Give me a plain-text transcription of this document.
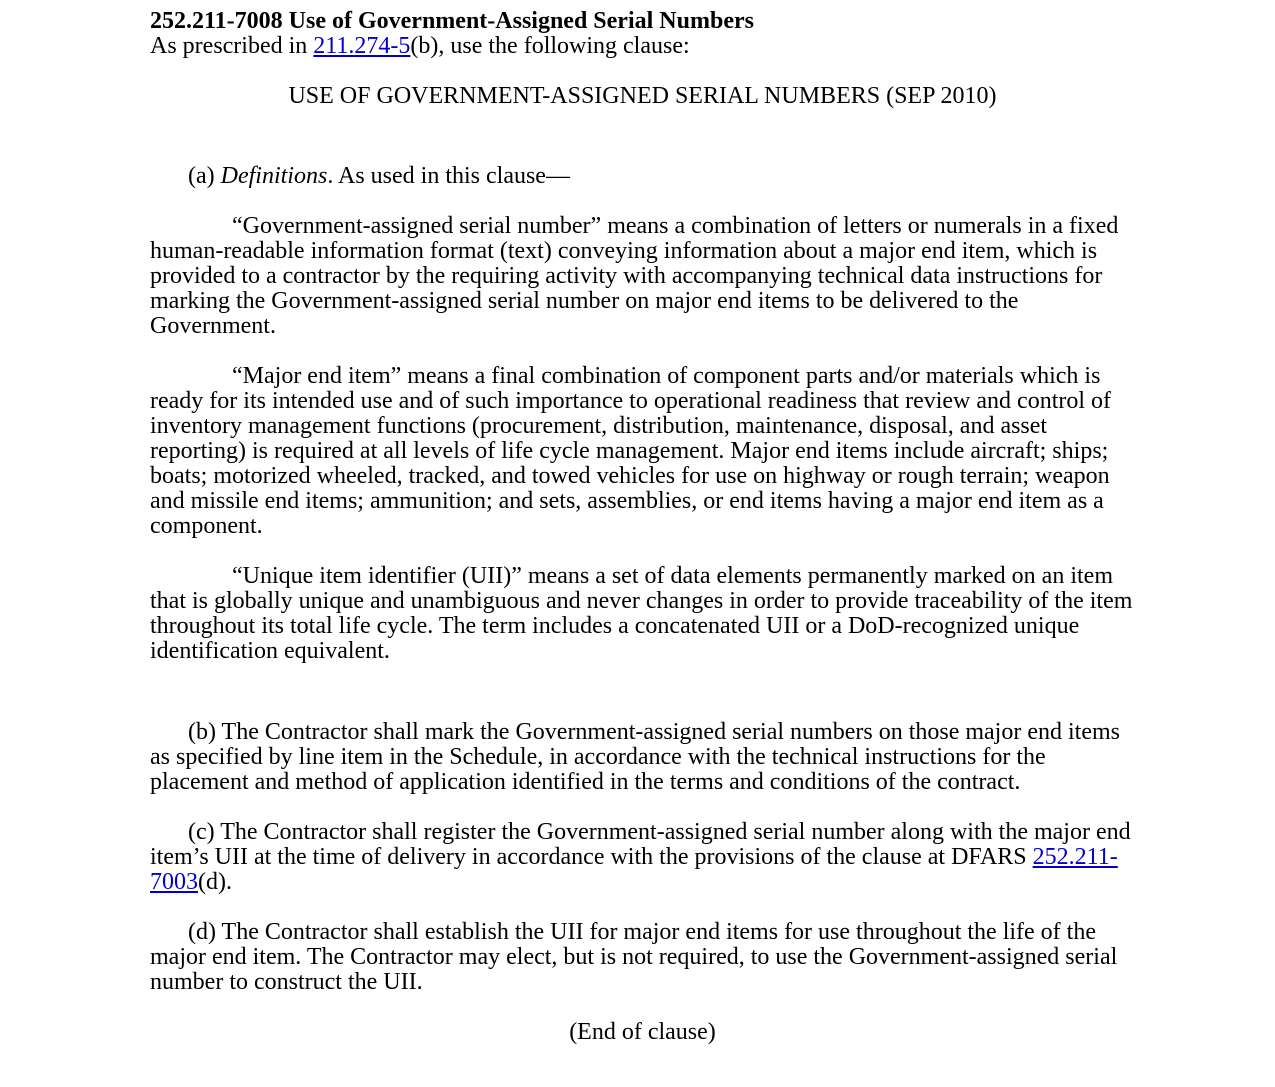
252.211-7008 Use of Government-Assigned Serial Numbers
As prescribed in 211.274-5(b), use the following clause:
USE OF GOVERNMENT-ASSIGNED SERIAL NUMBERS (SEP 2010)

(a) Definitions. As used in this clause—

“Government-assigned serial number” means a combination of letters or numerals in a fixed human-readable information format (text) conveying information about a major end item, which is provided to a contractor by the requiring activity with accompanying technical data instructions for marking the Government-assigned serial number on major end items to be delivered to the Government.

“Major end item” means a final combination of component parts and/or materials which is ready for its intended use and of such importance to operational readiness that review and control of inventory management functions (procurement, distribution, maintenance, disposal, and asset reporting) is required at all levels of life cycle management. Major end items include aircraft; ships; boats; motorized wheeled, tracked, and towed vehicles for use on highway or rough terrain; weapon and missile end items; ammunition; and sets, assemblies, or end items having a major end item as a component.

“Unique item identifier (UII)” means a set of data elements permanently marked on an item that is globally unique and unambiguous and never changes in order to provide traceability of the item throughout its total life cycle. The term includes a concatenated UII or a DoD-recognized unique identification equivalent.

(b) The Contractor shall mark the Government-assigned serial numbers on those major end items as specified by line item in the Schedule, in accordance with the technical instructions for the placement and method of application identified in the terms and conditions of the contract.

(c) The Contractor shall register the Government-assigned serial number along with the major end item’s UII at the time of delivery in accordance with the provisions of the clause at DFARS 252.211-7003(d).

(d) The Contractor shall establish the UII for major end items for use throughout the life of the major end item. The Contractor may elect, but is not required, to use the Government-assigned serial number to construct the UII.

(End of clause)
